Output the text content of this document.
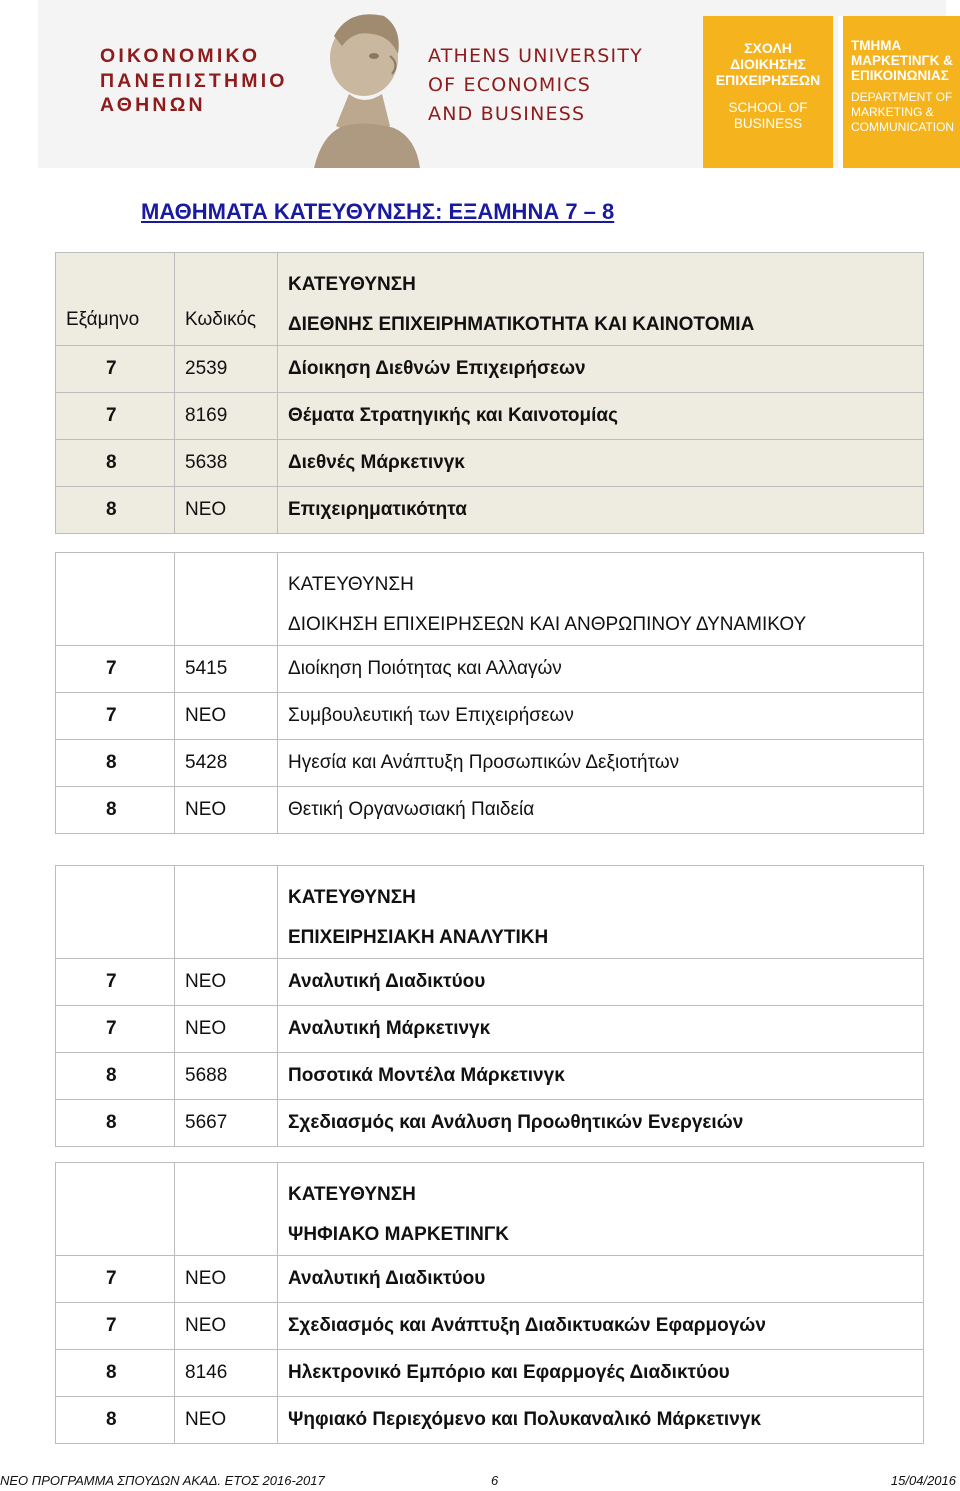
ΟΙΚΟΝΟΜΙΚΟ
ΠΑΝΕΠΙΣΤΗΜΙΟ
ΑΘΗΝΩΝ
ATHENS UNIVERSITY
OF ECONOMICS
AND BUSINESS
ΣΧΟΛΗ
ΔΙΟΙΚΗΣΗΣ
ΕΠΙΧΕΙΡΗΣΕΩΝ
SCHOOL OF
BUSINESS
ΤΜΗΜΑ
ΜΑΡΚΕΤΙΝΓΚ &
ΕΠΙΚΟΙΝΩΝΙΑΣ
DEPARTMENT OF
MARKETING &
COMMUNICATION
ΜΑΘΗΜΑΤΑ ΚΑΤΕΥΘΥΝΣΗΣ: ΕΞΑΜΗΝΑ 7 – 8
Εξάμηνο	Κωδικός	ΚΑΤΕΥΘΥΝΣΗ
ΔΙΕΘΝΗΣ ΕΠΙΧΕΙΡΗΜΑΤΙΚΟΤΗΤΑ ΚΑΙ ΚΑΙΝΟΤΟΜΙΑ

7	2539	Δίοικηση Διεθνών Επιχειρήσεων
7	8169	Θέματα Στρατηγικής και Καινοτομίας
8	5638	Διεθνές Μάρκετινγκ
8	ΝΕΟ	Επιχειρηματικότητα

		ΚΑΤΕΥΘΥΝΣΗ
ΔΙΟΙΚΗΣΗ ΕΠΙΧΕΙΡΗΣΕΩΝ ΚΑΙ ΑΝΘΡΩΠΙΝΟΥ ΔΥΝΑΜΙΚΟΥ

7	5415	Διοίκηση Ποιότητας και Αλλαγών
7	ΝΕΟ	Συμβουλευτική των Επιχειρήσεων
8	5428	Ηγεσία και Ανάπτυξη Προσωπικών Δεξιοτήτων
8	ΝΕΟ	Θετική Οργανωσιακή Παιδεία

		ΚΑΤΕΥΘΥΝΣΗ
ΕΠΙΧΕΙΡΗΣΙΑΚΗ ΑΝΑΛΥΤΙΚΗ

7	ΝΕΟ	Αναλυτική Διαδικτύου
7	ΝΕΟ	Αναλυτική Μάρκετινγκ
8	5688	Ποσοτικά Μοντέλα Μάρκετινγκ
8	5667	Σχεδιασμός και Ανάλυση Προωθητικών Ενεργειών

		ΚΑΤΕΥΘΥΝΣΗ
ΨΗΦΙΑΚΟ ΜΑΡΚΕΤΙΝΓΚ

7	ΝΕΟ	Αναλυτική Διαδικτύου
7	ΝΕΟ	Σχεδιασμός και Ανάπτυξη Διαδικτυακών Εφαρμογών
8	8146	Ηλεκτρονικό Εμπόριο και Εφαρμογές Διαδικτύου
8	ΝΕΟ	Ψηφιακό Περιεχόμενο και Πολυκαναλικό Μάρκετινγκ
ΝΕΟ ΠΡΟΓΡΑΜΜΑ ΣΠΟΥΔΩΝ ΑΚΑΔ. ΕΤΟΣ 2016-2017	6	15/04/2016
